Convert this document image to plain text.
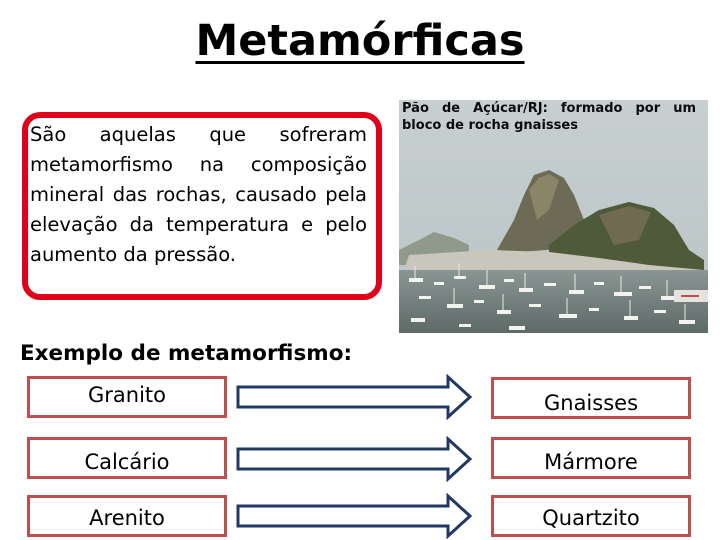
Metamórficas
São aquelas que sofreram metamorfismo na composição mineral das rochas, causado pela elevação da temperatura e pelo aumento da pressão.
Pão de Açúcar/RJ: formado por um bloco de rocha gnaisses
Exemplo de metamorfismo:
Granito	Gnaisses
Calcário	Mármore
Arenito	Quartzito
